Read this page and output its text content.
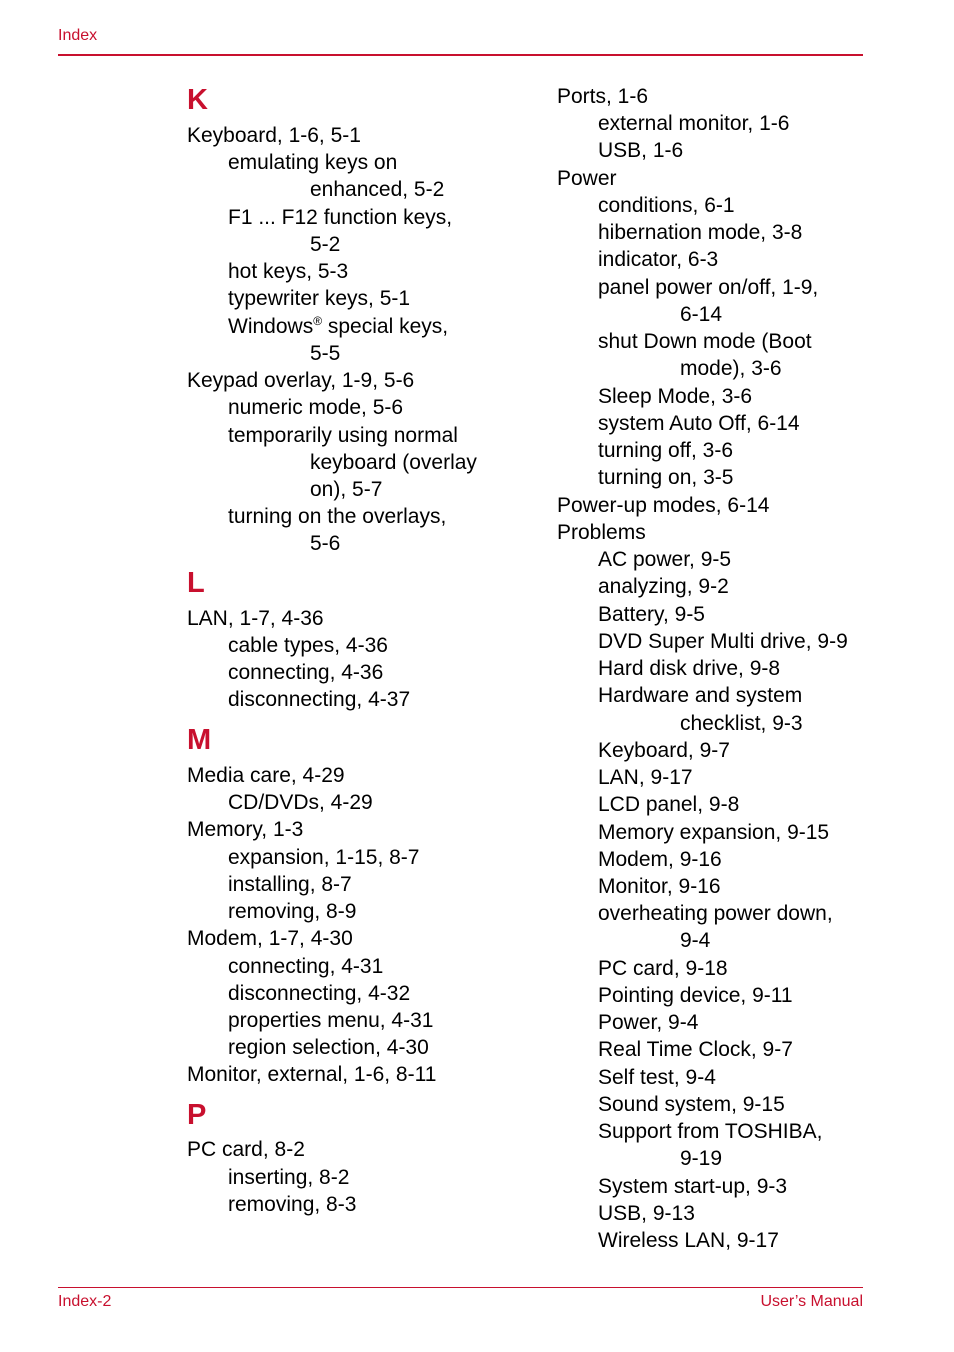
Index
K
Keyboard, 1-6, 5-1
emulating keys on
enhanced, 5-2
F1 ... F12 function keys,
5-2
hot keys, 5-3
typewriter keys, 5-1
Windows® special keys,
5-5
Keypad overlay, 1-9, 5-6
numeric mode, 5-6
temporarily using normal
keyboard (overlay
on), 5-7
turning on the overlays,
5-6
L
LAN, 1-7, 4-36
cable types, 4-36
connecting, 4-36
disconnecting, 4-37
M
Media care, 4-29
CD/DVDs, 4-29
Memory, 1-3
expansion, 1-15, 8-7
installing, 8-7
removing, 8-9
Modem, 1-7, 4-30
connecting, 4-31
disconnecting, 4-32
properties menu, 4-31
region selection, 4-30
Monitor, external, 1-6, 8-11
P
PC card, 8-2
inserting, 8-2
removing, 8-3
Ports, 1-6
external monitor, 1-6
USB, 1-6
Power
conditions, 6-1
hibernation mode, 3-8
indicator, 6-3
panel power on/off, 1-9,
6-14
shut Down mode (Boot
mode), 3-6
Sleep Mode, 3-6
system Auto Off, 6-14
turning off, 3-6
turning on, 3-5
Power-up modes, 6-14
Problems
AC power, 9-5
analyzing, 9-2
Battery, 9-5
DVD Super Multi drive, 9-9
Hard disk drive, 9-8
Hardware and system
checklist, 9-3
Keyboard, 9-7
LAN, 9-17
LCD panel, 9-8
Memory expansion, 9-15
Modem, 9-16
Monitor, 9-16
overheating power down,
9-4
PC card, 9-18
Pointing device, 9-11
Power, 9-4
Real Time Clock, 9-7
Self test, 9-4
Sound system, 9-15
Support from TOSHIBA,
9-19
System start-up, 9-3
USB, 9-13
Wireless LAN, 9-17
Index-2	User’s Manual
